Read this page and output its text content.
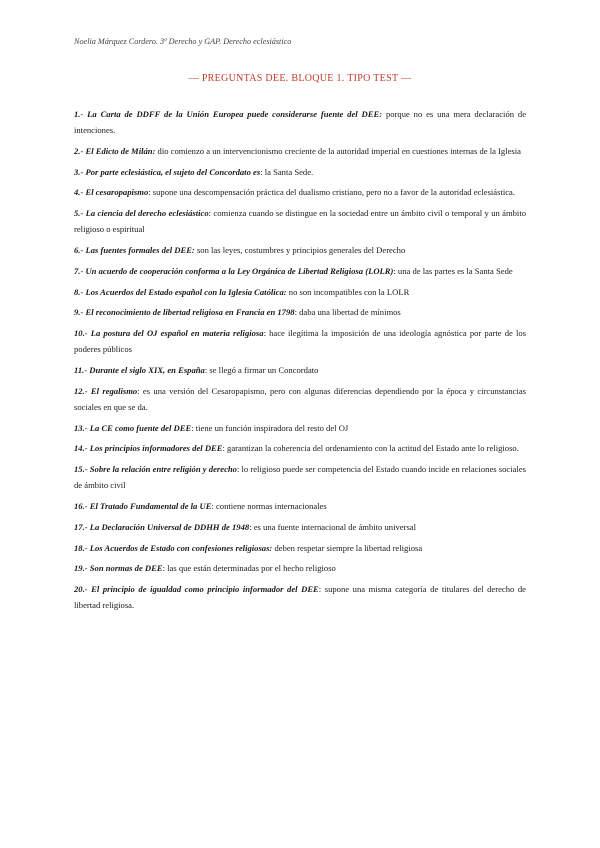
Noelia Márquez Cordero. 3º Derecho y GAP. Derecho eclesiástico
— PREGUNTAS DEE. BLOQUE 1. TIPO TEST —

1.- La Carta de DDFF de la Unión Europea puede considerarse fuente del DEE: porque no es una mera declaración de intenciones.

2.- El Edicto de Milán: dio comienzo a un intervencionismo creciente de la autoridad imperial en cuestiones internas de la Iglesia

3.- Por parte eclesiástica, el sujeto del Concordato es: la Santa Sede.

4.- El cesaropapismo: supone una descompensación práctica del dualismo cristiano, pero no a favor de la autoridad eclesiástica.

5.- La ciencia del derecho eclesiástico: comienza cuando se distingue en la sociedad entre un ámbito civil o temporal y un ámbito religioso o espiritual

6.- Las fuentes formales del DEE: son las leyes, costumbres y principios generales del Derecho

7.- Un acuerdo de cooperación conforma a la Ley Orgánica de Libertad Religiosa (LOLR): una de las partes es la Santa Sede

8.- Los Acuerdos del Estado español con la Iglesia Católica: no son incompatibles con la LOLR

9.- El reconocimiento de libertad religiosa en Francia en 1798: daba una libertad de mínimos

10.- La postura del OJ español en materia religiosa: hace ilegítima la imposición de una ideología agnóstica por parte de los poderes públicos

11.- Durante el siglo XIX, en España: se llegó a firmar un Concordato

12.- El regalismo: es una versión del Cesaropapismo, pero con algunas diferencias dependiendo por la época y circunstancias sociales en que se da.

13.- La CE como fuente del DEE: tiene un función inspiradora del resto del OJ

14.- Los principios informadores del DEE: garantizan la coherencia del ordenamiento con la actitud del Estado ante lo religioso.

15.- Sobre la relación entre religión y derecho: lo religioso puede ser competencia del Estado cuando incide en relaciones sociales de ámbito civil

16.- El Tratado Fundamental de la UE: contiene normas internacionales

17.- La Declaración Universal de DDHH de 1948: es una fuente internacional de ámbito universal

18.- Los Acuerdos de Estado con confesiones religiosas: deben respetar siempre la libertad religiosa

19.- Son normas de DEE: las que están determinadas por el hecho religioso

20.- El principio de igualdad como principio informador del DEE: supone una misma categoría de titulares del derecho de libertad religiosa.
